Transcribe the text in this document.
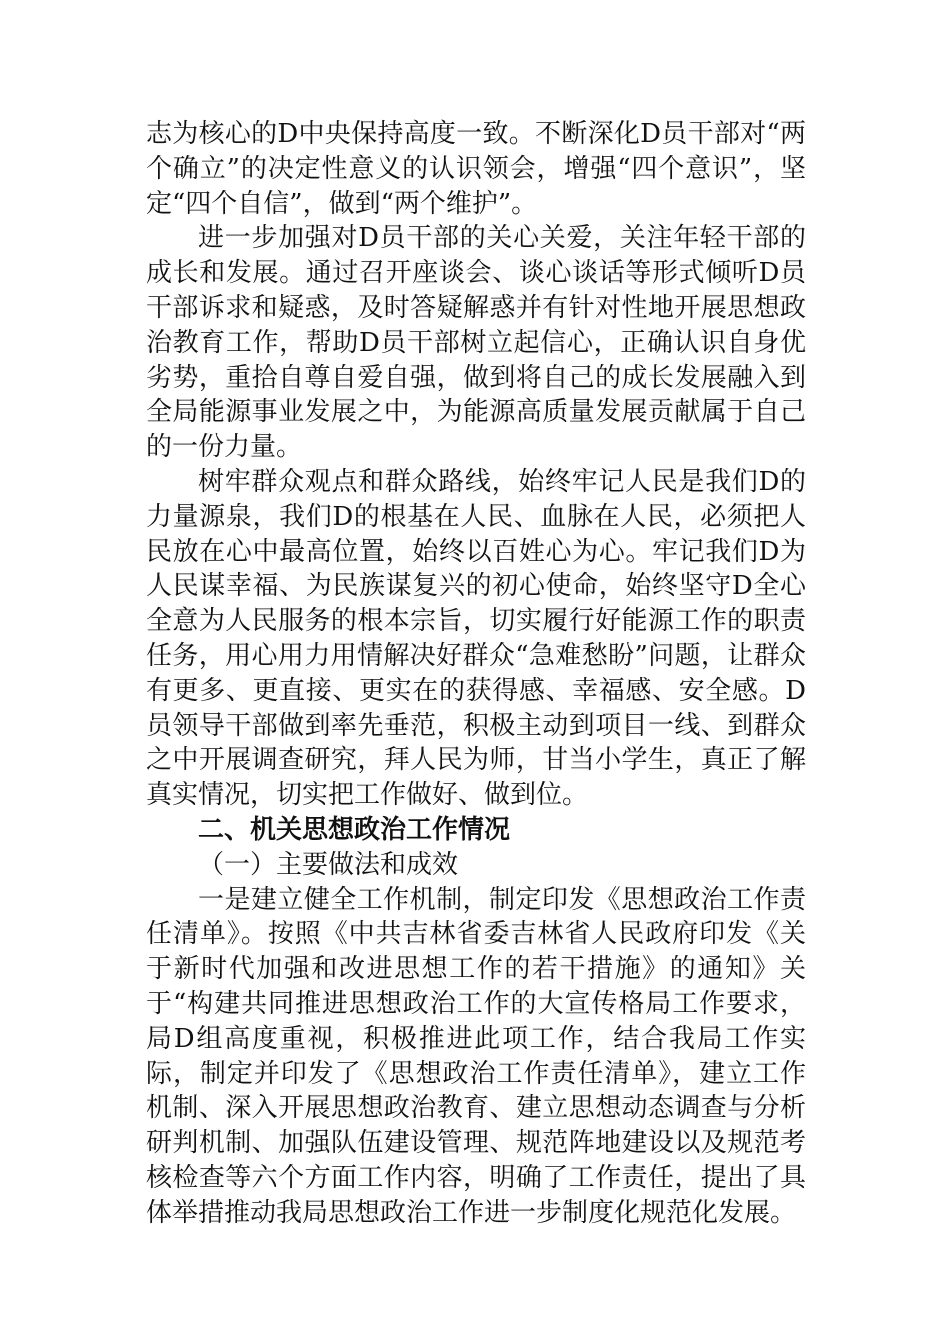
志为核心的D中央保持高度一致。不断深化D员干部对“两个确立”的决定性意义的认识领会，增强“四个意识”，坚定“四个自信”，做到“两个维护”。

进一步加强对D员干部的关心关爱，关注年轻干部的成长和发展。通过召开座谈会、谈心谈话等形式倾听D员干部诉求和疑惑，及时答疑解惑并有针对性地开展思想政治教育工作，帮助D员干部树立起信心，正确认识自身优劣势，重拾自尊自爱自强，做到将自己的成长发展融入到全局能源事业发展之中，为能源高质量发展贡献属于自己的一份力量。

树牢群众观点和群众路线，始终牢记人民是我们D的力量源泉，我们D的根基在人民、血脉在人民，必须把人民放在心中最高位置，始终以百姓心为心。牢记我们D为人民谋幸福、为民族谋复兴的初心使命，始终坚守D全心全意为人民服务的根本宗旨，切实履行好能源工作的职责任务，用心用力用情解决好群众“急难愁盼”问题，让群众有更多、更直接、更实在的获得感、幸福感、安全感。D员领导干部做到率先垂范，积极主动到项目一线、到群众之中开展调查研究，拜人民为师，甘当小学生，真正了解真实情况，切实把工作做好、做到位。

二、机关思想政治工作情况

（一）主要做法和成效

一是建立健全工作机制，制定印发《思想政治工作责任清单》。按照《中共吉林省委吉林省人民政府印发《关于新时代加强和改进思想工作的若干措施》的通知》关于“构建共同推进思想政治工作的大宣传格局工作要求，局D组高度重视，积极推进此项工作，结合我局工作实际，制定并印发了《思想政治工作责任清单》，建立工作机制、深入开展思想政治教育、建立思想动态调查与分析研判机制、加强队伍建设管理、规范阵地建设以及规范考核检查等六个方面工作内容，明确了工作责任，提出了具体举措推动我局思想政治工作进一步制度化规范化发展。
